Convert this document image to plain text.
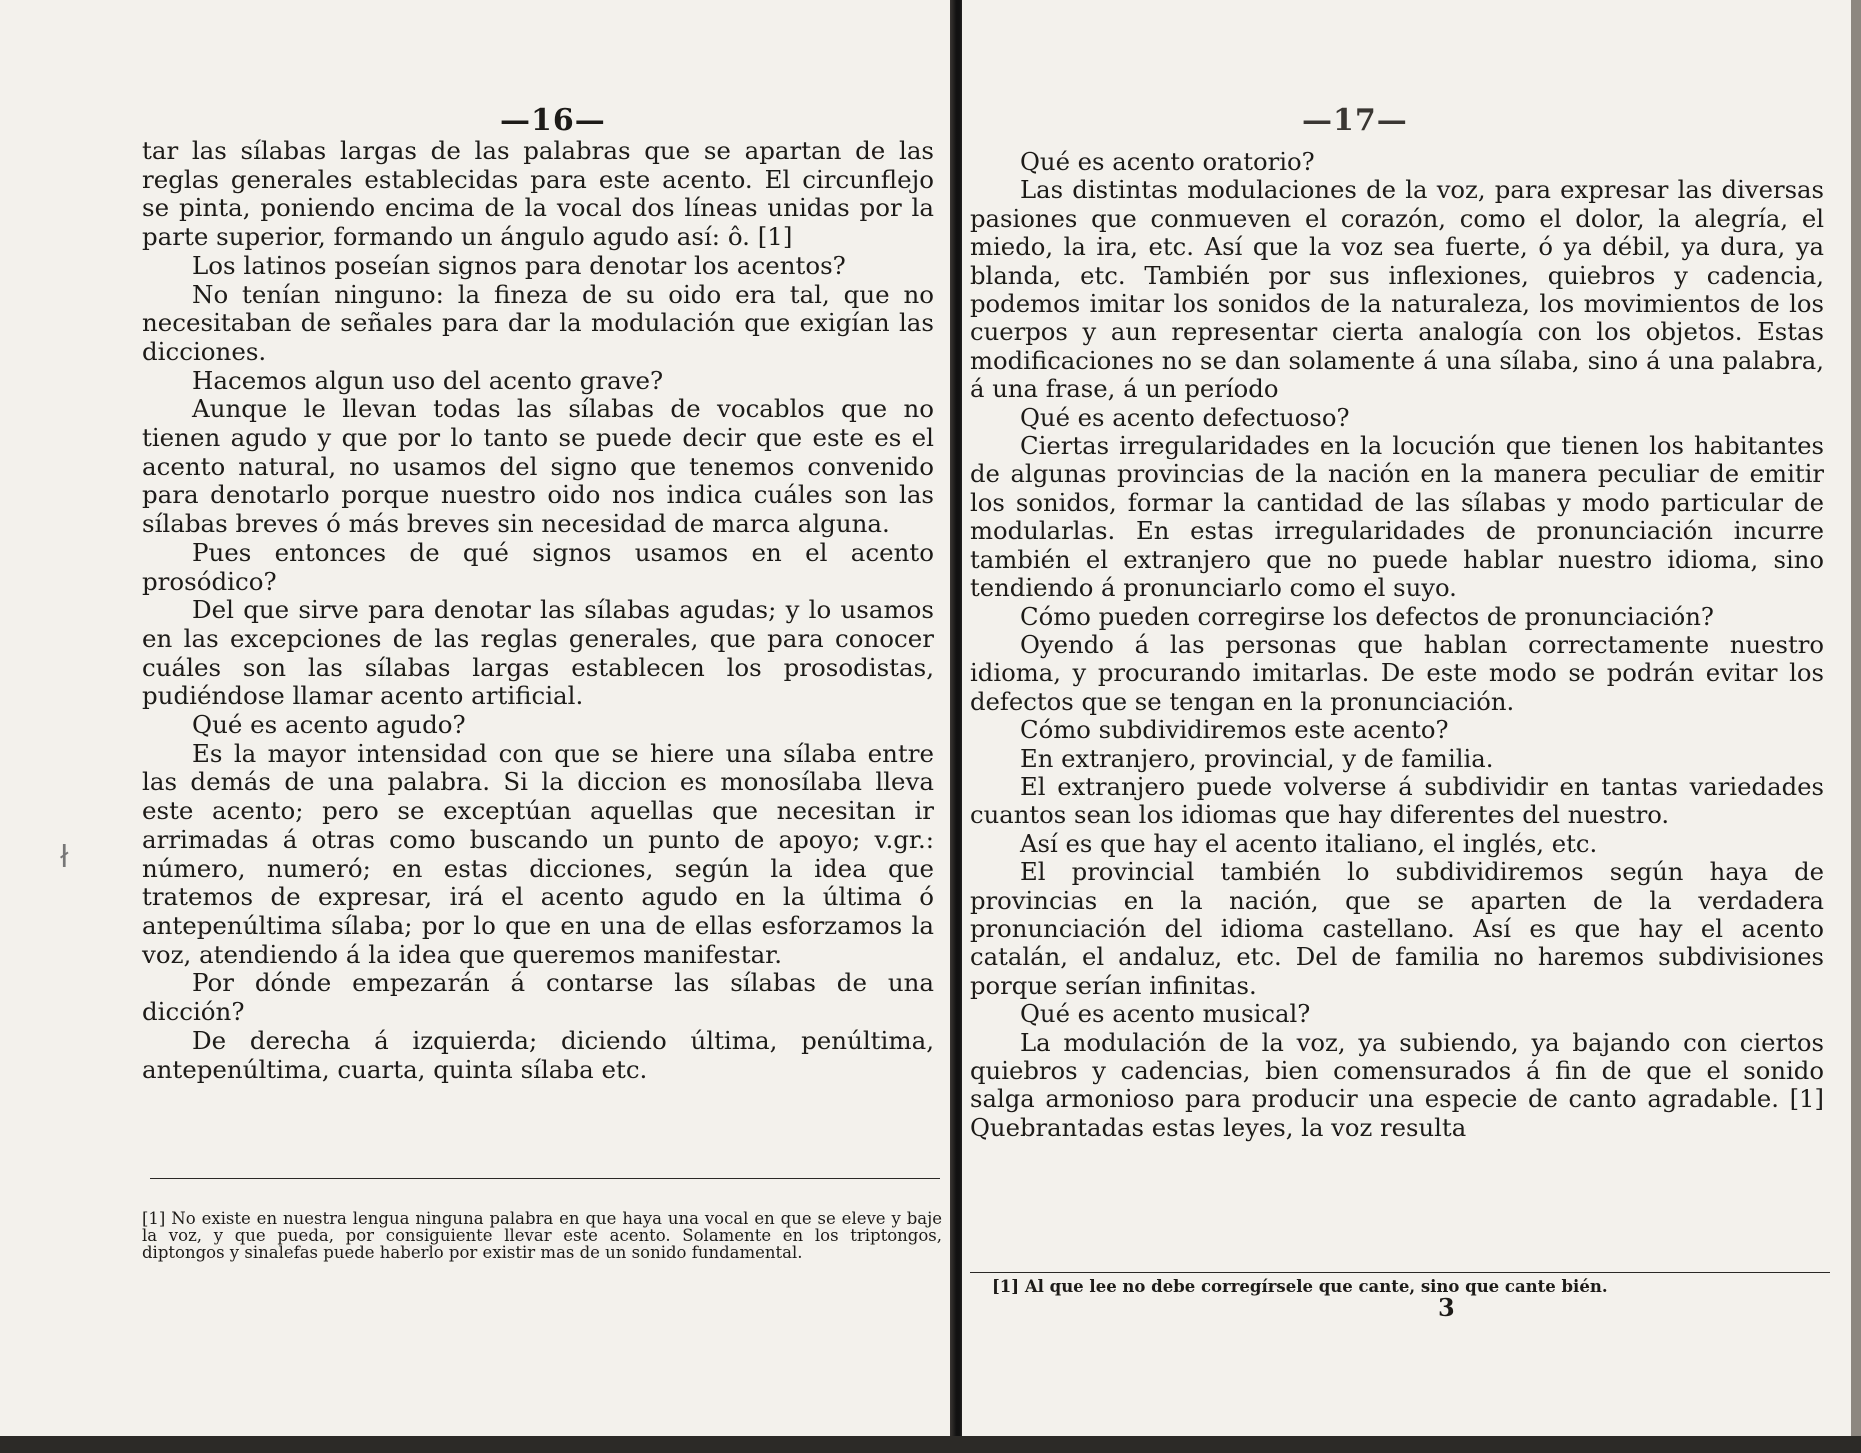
—16—

tar las sílabas largas de las palabras que se apartan de las reglas generales establecidas para este acento. El circunflejo se pinta, poniendo encima de la vocal dos líneas unidas por la parte superior, formando un ángulo agudo así: ô. [1]

Los latinos poseían signos para denotar los acentos?

No tenían ninguno: la fineza de su oido era tal, que no necesitaban de señales para dar la modulación que exigían las dicciones.

Hacemos algun uso del acento grave?

Aunque le llevan todas las sílabas de vocablos que no tienen agudo y que por lo tanto se puede decir que este es el acento natural, no usamos del signo que tenemos convenido para denotarlo porque nuestro oido nos indica cuáles son las sílabas breves ó más breves sin necesidad de marca alguna.

Pues entonces de qué signos usamos en el acento prosódico?

Del que sirve para denotar las sílabas agudas; y lo usamos en las excepciones de las reglas generales, que para conocer cuáles son las sílabas largas establecen los prosodistas, pudiéndose llamar acento artificial.

Qué es acento agudo?

Es la mayor intensidad con que se hiere una sílaba entre las demás de una palabra. Si la diccion es monosílaba lleva este acento; pero se exceptúan aquellas que necesitan ir arrimadas á otras como buscando un punto de apoyo; v.gr.: número, numeró; en estas dicciones, según la idea que tratemos de expresar, irá el acento agudo en la última ó antepenúltima sílaba; por lo que en una de ellas esforzamos la voz, atendiendo á la idea que queremos manifestar.

Por dónde empezarán á contarse las sílabas de una dicción?

De derecha á izquierda; diciendo última, penúltima, antepenúltima, cuarta, quinta sílaba etc.

[1] No existe en nuestra lengua ninguna palabra en que haya una vocal en que se eleve y baje la voz, y que pueda, por consiguiente llevar este acento. Solamente en los triptongos, diptongos y sinalefas puede haberlo por existir mas de un sonido fundamental.
ł
—17—

Qué es acento oratorio?

Las distintas modulaciones de la voz, para expresar las diversas pasiones que conmueven el corazón, como el dolor, la alegría, el miedo, la ira, etc. Así que la voz sea fuerte, ó ya débil, ya dura, ya blanda, etc. También por sus inflexiones, quiebros y cadencia, podemos imitar los sonidos de la naturaleza, los movimientos de los cuerpos y aun representar cierta analogía con los objetos. Estas modificaciones no se dan solamente á una sílaba, sino á una palabra, á una frase, á un período

Qué es acento defectuoso?

Ciertas irregularidades en la locución que tienen los habitantes de algunas provincias de la nación en la manera peculiar de emitir los sonidos, formar la cantidad de las sílabas y modo particular de modularlas. En estas irregularidades de pronunciación incurre también el extranjero que no puede hablar nuestro idioma, sino tendiendo á pronunciarlo como el suyo.

Cómo pueden corregirse los defectos de pronunciación?

Oyendo á las personas que hablan correctamente nuestro idioma, y procurando imitarlas. De este modo se podrán evitar los defectos que se tengan en la pronunciación.

Cómo subdividiremos este acento?

En extranjero, provincial, y de familia.

El extranjero puede volverse á subdividir en tantas variedades cuantos sean los idiomas que hay diferentes del nuestro.

Así es que hay el acento italiano, el inglés, etc.

El provincial también lo subdividiremos según haya de provincias en la nación, que se aparten de la verdadera pronunciación del idioma castellano. Así es que hay el acento catalán, el andaluz, etc. Del de familia no haremos subdivisiones porque serían infinitas.

Qué es acento musical?

La modulación de la voz, ya subiendo, ya bajando con ciertos quiebros y cadencias, bien comensurados á fin de que el sonido salga armonioso para producir una especie de canto agradable. [1] Quebrantadas estas leyes, la voz resulta

[1] Al que lee no debe corregírsele que cante, sino que cante bién.
3
